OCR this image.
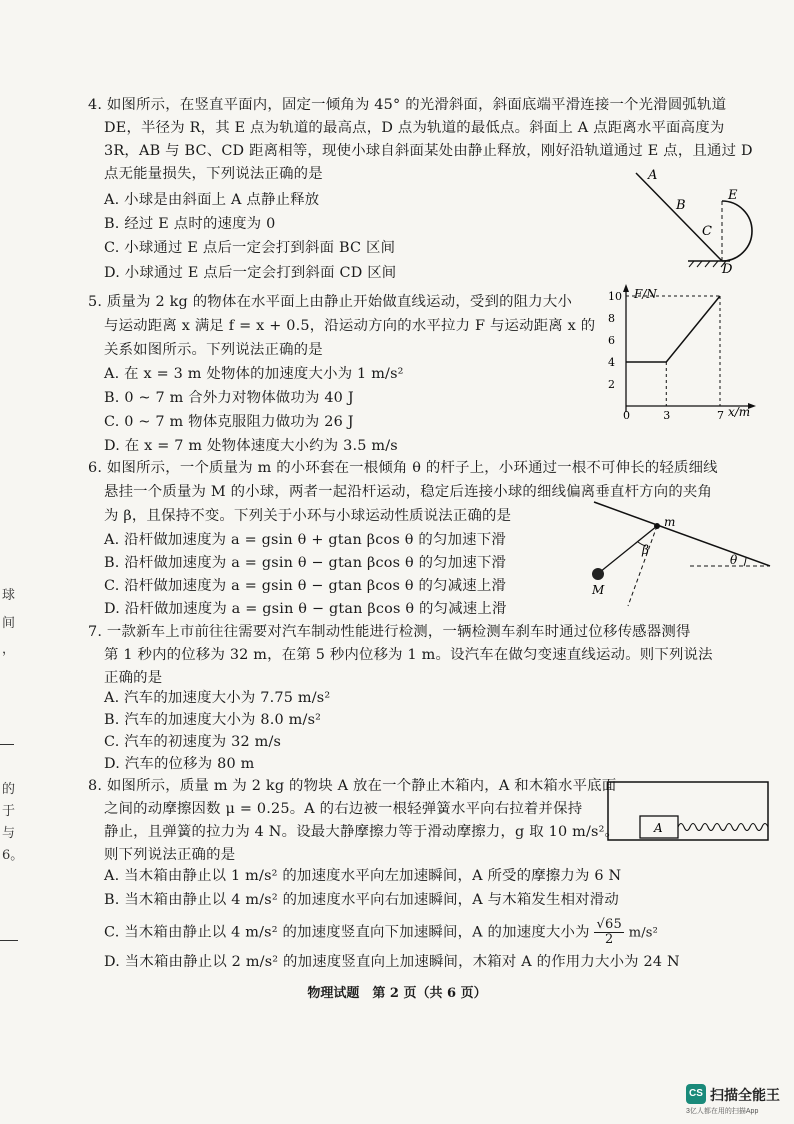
球
间
，
的
于
与
6。
4. 如图所示，在竖直平面内，固定一倾角为 45° 的光滑斜面，斜面底端平滑连接一个光滑圆弧轨道
DE，半径为 R，其 E 点为轨道的最高点，D 点为轨道的最低点。斜面上 A 点距离水平面高度为
3R，AB 与 BC、CD 距离相等，现使小球自斜面某处由静止释放，刚好沿轨道通过 E 点，且通过 D
点无能量损失，下列说法正确的是
A. 小球是由斜面上 A 点静止释放
B. 经过 E 点时的速度为 0
C. 小球通过 E 点后一定会打到斜面 BC 区间
D. 小球通过 E 点后一定会打到斜面 CD 区间
A
B
C
D
E
5. 质量为 2 kg 的物体在水平面上由静止开始做直线运动，受到的阻力大小
与运动距离 x 满足 f = x + 0.5，沿运动方向的水平拉力 F 与运动距离 x 的
关系如图所示。下列说法正确的是
A. 在 x = 3 m 处物体的加速度大小为 1 m/s²
B. 0 ~ 7 m 合外力对物体做功为 40 J
C. 0 ~ 7 m 物体克服阻力做功为 26 J
D. 在 x = 7 m 处物体速度大小约为 3.5 m/s
F/N
x/m
10
8
6
4
2
0	3	7
6. 如图所示，一个质量为 m 的小环套在一根倾角 θ 的杆子上，小环通过一根不可伸长的轻质细线
悬挂一个质量为 M 的小球，两者一起沿杆运动，稳定后连接小球的细线偏离垂直杆方向的夹角
为 β，且保持不变。下列关于小环与小球运动性质说法正确的是
A. 沿杆做加速度为 a = gsin θ + gtan βcos θ 的匀加速下滑
B. 沿杆做加速度为 a = gsin θ − gtan βcos θ 的匀加速下滑
C. 沿杆做加速度为 a = gsin θ − gtan βcos θ 的匀减速上滑
D. 沿杆做加速度为 a = gsin θ − gtan βcos θ 的匀减速上滑
m
M
β
θ
7. 一款新车上市前往往需要对汽车制动性能进行检测，一辆检测车刹车时通过位移传感器测得
第 1 秒内的位移为 32 m，在第 5 秒内位移为 1 m。设汽车在做匀变速直线运动。则下列说法
正确的是
A. 汽车的加速度大小为 7.75 m/s²
B. 汽车的加速度大小为 8.0 m/s²
C. 汽车的初速度为 32 m/s
D. 汽车的位移为 80 m
8. 如图所示，质量 m 为 2 kg 的物块 A 放在一个静止木箱内，A 和木箱水平底面
之间的动摩擦因数 μ = 0.25。A 的右边被一根轻弹簧水平向右拉着并保持
静止，且弹簧的拉力为 4 N。设最大静摩擦力等于滑动摩擦力，g 取 10 m/s²。
则下列说法正确的是
A. 当木箱由静止以 1 m/s² 的加速度水平向左加速瞬间，A 所受的摩擦力为 6 N
B. 当木箱由静止以 4 m/s² 的加速度水平向右加速瞬间，A 与木箱发生相对滑动
C. 当木箱由静止以 4 m/s² 的加速度竖直向下加速瞬间，A 的加速度大小为 $\frac{√65}{2} m/s^2$
D. 当木箱由静止以 2 m/s² 的加速度竖直向上加速瞬间，木箱对 A 的作用力大小为 24 N
A
物理试题　第 2 页（共 6 页）
CS 扫描全能王
3亿人都在用的扫描App
